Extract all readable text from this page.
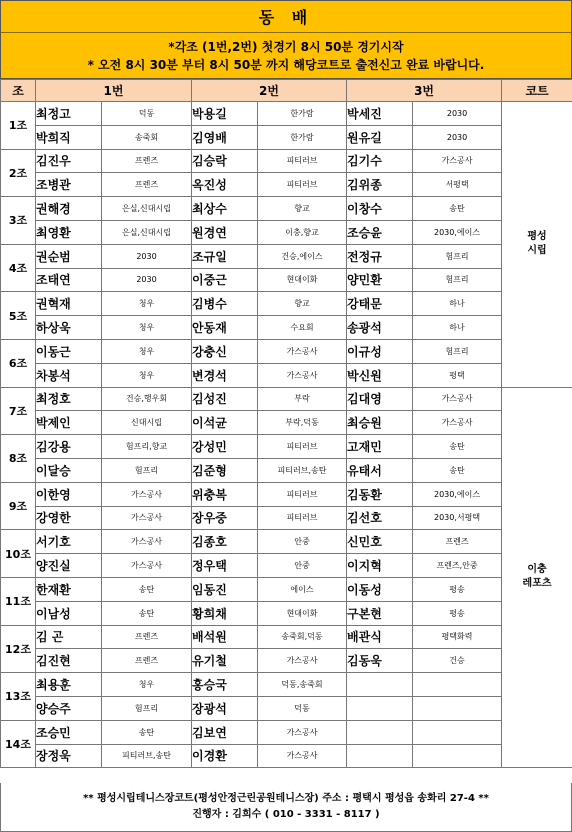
동 배
*각조 (1번,2번) 첫경기 8시 50분 경기시작
* 오전 8시 30분 부터 8시 50분 까지 해당코트로 출전신고 완료 바랍니다.
조	1번		2번		3번		코트
1조	최정고	덕동	박용길	한가람	박세진	2030	평성
시립
	박희직	송죽회	김영배	한가람	원유길	2030	
2조	김진우	프렌즈	김승락	피티러브	김기수	가스공사	
	조병관	프렌즈	옥진성	피티러브	김위종	서평택	
3조	권해경	은실,신대시립	최상수	향교	이창수	송탄	
	최영환	은실,신대시립	원경연	이충,향교	조승윤	2030,에이스	
4조	권순범	2030	조규일	건승,에이스	전정규	험프리	
	조태연	2030	이중근	현대이화	양민환	험프리	
5조	권혁재	청우	김병수	향교	강태문	하나	
	하상욱	청우	안동재	수요회	송광석	하나	
6조	이동근	청우	강충신	가스공사	이규성	험프리	
	차봉석	청우	변경석	가스공사	박신원	평택	
7조	최정호	건승,행우회	김성진	부락	김대영	가스공사	이충
레포츠
	박제인	신대시립	이석균	부락,덕동	최승원	가스공사	
8조	김강용	험프리,향교	강성민	피티러브	고재민	송탄	
	이달승	험프리	김준형	피티러브,송탄	유태서	송탄	
9조	이한영	가스공사	위충복	피티러브	김동환	2030,에이스	
	강영한	가스공사	장우중	피티러브	김선호	2030,서평택	
10조	서기호	가스공사	김종호	안중	신민호	프렌즈	
	양진실	가스공사	정우택	안중	이지혁	프렌즈,안중	
11조	한재환	송탄	임동진	에이스	이동성	평송	
	이남성	송탄	황희채	현대이화	구본현	평송	
12조	김 곤	프렌즈	배석원	송죽회,덕동	배관식	평택화력	
	김진현	프렌즈	유기철	가스공사	김동욱	건승	
13조	최용훈	청우	홍승국	덕동,송죽회			
	양승주	험프리	장광석	덕동			
14조	조승민	송탄	김보연	가스공사			
	장정욱	피티러브,송탄	이경환	가스공사			
** 평성시립테니스장코트(평성안정근린공원테니스장) 주소 : 평택시 평성읍 송화리 27-4 **
진행자 : 김희수 ( 010 - 3331 - 8117 )
